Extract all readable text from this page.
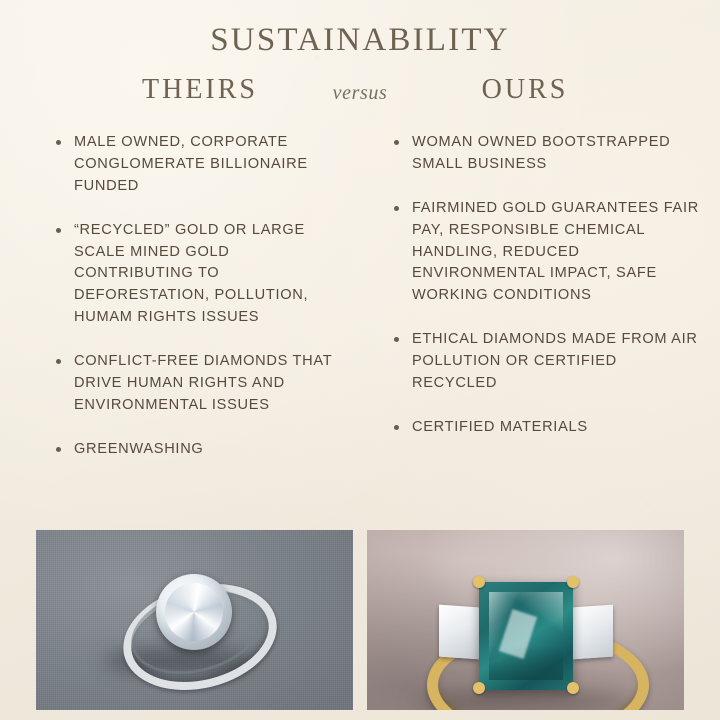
SUSTAINABILITY
THEIRS	versus	OURS
MALE OWNED, CORPORATE CONGLOMERATE BILLIONAIRE FUNDED
“RECYCLED” GOLD OR LARGE SCALE MINED GOLD CONTRIBUTING TO DEFORESTATION, POLLUTION, HUMAM RIGHTS ISSUES
CONFLICT-FREE DIAMONDS THAT DRIVE HUMAN RIGHTS AND ENVIRONMENTAL ISSUES
GREENWASHING
WOMAN OWNED BOOTSTRAPPED SMALL BUSINESS
FAIRMINED GOLD GUARANTEES FAIR PAY, RESPONSIBLE CHEMICAL HANDLING, REDUCED ENVIRONMENTAL IMPACT, SAFE WORKING CONDITIONS
ETHICAL DIAMONDS MADE FROM AIR POLLUTION OR CERTIFIED RECYCLED
CERTIFIED MATERIALS
